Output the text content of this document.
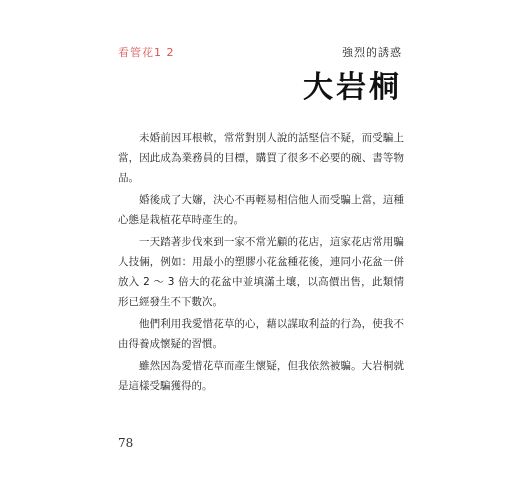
看管花1 2	強烈的誘惑
大岩桐

未婚前因耳根軟，常常對別人說的話堅信不疑，而受騙上當，因此成為業務員的目標，購買了很多不必要的碗、書等物品。

婚後成了大嬸，決心不再輕易相信他人而受騙上當，這種心態是栽植花草時產生的。

一天踏著步伐來到一家不常光顧的花店，這家花店常用騙人技倆，例如：用最小的塑膠小花盆種花後，連同小花盆一併放入 2 ～ 3 倍大的花盆中並填滿土壤，以高價出售，此類情形已經發生不下數次。

他們利用我愛惜花草的心，藉以謀取利益的行為，使我不由得養成懷疑的習慣。

雖然因為愛惜花草而產生懷疑，但我依然被騙。大岩桐就是這樣受騙獲得的。

78
